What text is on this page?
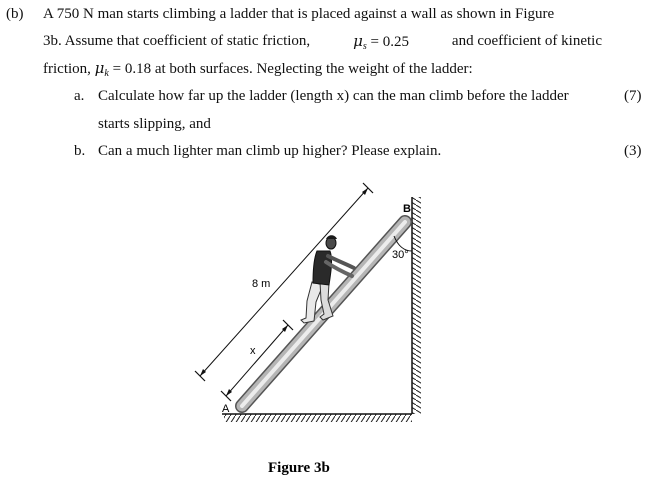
(b) A 750 N man starts climbing a ladder that is placed against a wall as shown in Figure
3b. Assume that coefficient of static friction,	$\mu_s = 0.25$	and coefficient of kinetic
friction, $\mu_k = 0.18$ at both surfaces. Neglecting the weight of the ladder:
a. Calculate how far up the ladder (length x) can the man climb before the ladder	(7)
starts slipping, and
b. Can a much lighter man climb up higher? Please explain.	(3)
8 m
x
30°
A
B
Figure 3b
